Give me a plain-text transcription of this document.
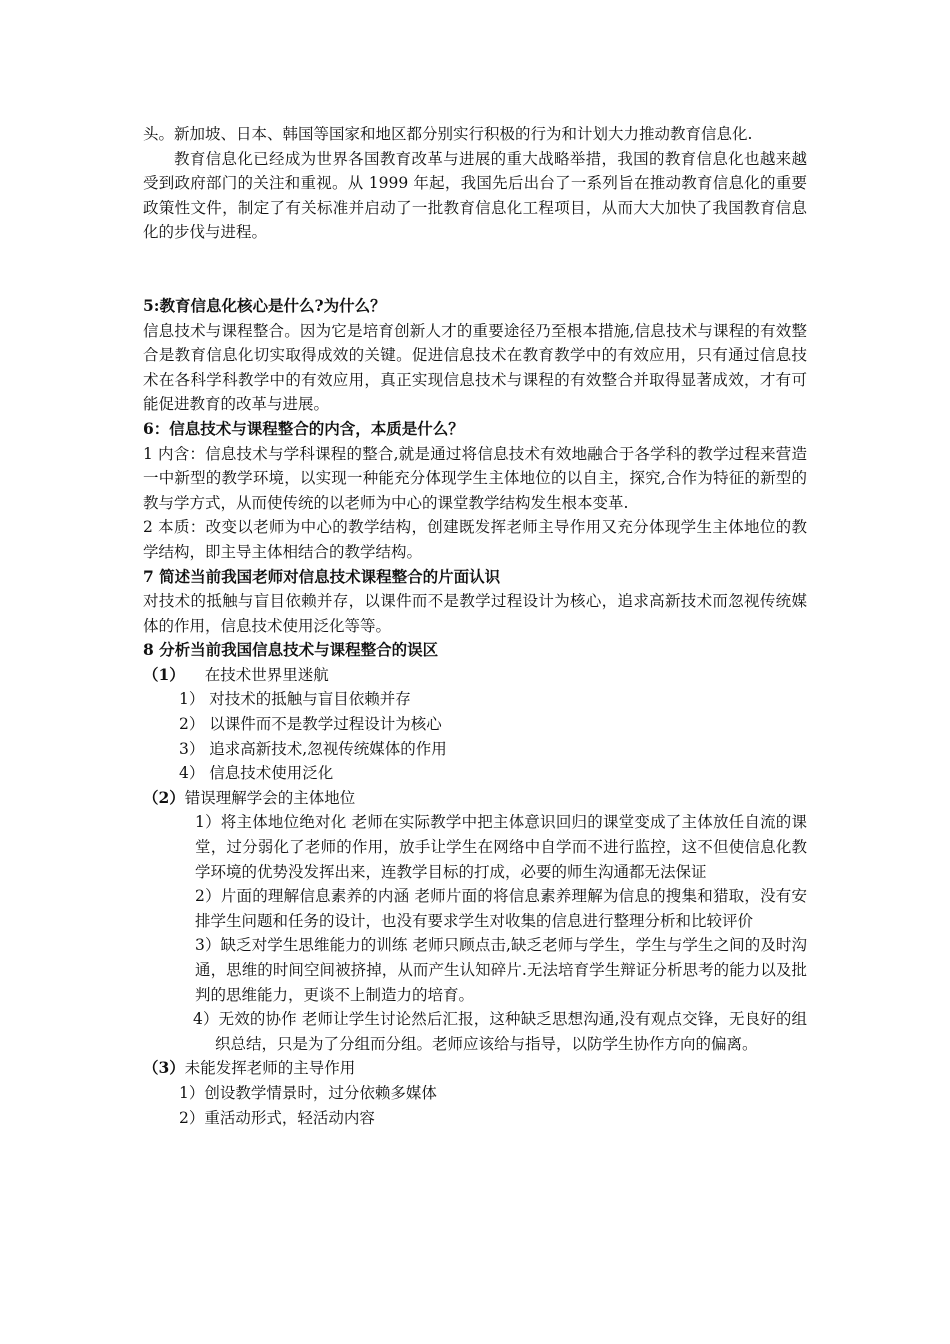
头。新加坡、日本、韩国等国家和地区都分别实行积极的行为和计划大力推动教育信息化.

教育信息化已经成为世界各国教育改革与进展的重大战略举措，我国的教育信息化也越来越受到政府部门的关注和重视。从 1999 年起，我国先后出台了一系列旨在推动教育信息化的重要政策性文件，制定了有关标准并启动了一批教育信息化工程项目，从而大大加快了我国教育信息化的步伐与进程。

5:教育信息化核心是什么?为什么？

信息技术与课程整合。因为它是培育创新人才的重要途径乃至根本措施,信息技术与课程的有效整合是教育信息化切实取得成效的关键。促进信息技术在教育教学中的有效应用，只有通过信息技术在各科学科教学中的有效应用，真正实现信息技术与课程的有效整合并取得显著成效，才有可能促进教育的改革与进展。

6：信息技术与课程整合的内含，本质是什么？

1 内含：信息技术与学科课程的整合,就是通过将信息技术有效地融合于各学科的教学过程来营造一中新型的教学环境，以实现一种能充分体现学生主体地位的以自主，探究,合作为特征的新型的教与学方式，从而使传统的以老师为中心的课堂教学结构发生根本变革.

2 本质：改变以老师为中心的教学结构，创建既发挥老师主导作用又充分体现学生主体地位的教学结构，即主导主体相结合的教学结构。

7 简述当前我国老师对信息技术课程整合的片面认识

对技术的抵触与盲目依赖并存，以课件而不是教学过程设计为核心，追求高新技术而忽视传统媒体的作用，信息技术使用泛化等等。

8 分析当前我国信息技术与课程整合的误区

（1） 在技术世界里迷航

1） 对技术的抵触与盲目依赖并存

2） 以课件而不是教学过程设计为核心

3） 追求高新技术,忽视传统媒体的作用

4） 信息技术使用泛化

（2）错误理解学会的主体地位

1）将主体地位绝对化 老师在实际教学中把主体意识回归的课堂变成了主体放任自流的课堂，过分弱化了老师的作用，放手让学生在网络中自学而不进行监控，这不但使信息化教学环境的优势没发挥出来，连教学目标的打成，必要的师生沟通都无法保证

2）片面的理解信息素养的内涵 老师片面的将信息素养理解为信息的搜集和猎取，没有安排学生问题和任务的设计，也没有要求学生对收集的信息进行整理分析和比较评价

3）缺乏对学生思维能力的训练 老师只顾点击,缺乏老师与学生，学生与学生之间的及时沟通，思维的时间空间被挤掉，从而产生认知碎片.无法培育学生辩证分析思考的能力以及批判的思维能力，更谈不上制造力的培育。

4）无效的协作 老师让学生讨论然后汇报，这种缺乏思想沟通,没有观点交锋，无良好的组织总结，只是为了分组而分组。老师应该给与指导，以防学生协作方向的偏离。

（3）未能发挥老师的主导作用

1）创设教学情景时，过分依赖多媒体

2）重活动形式，轻活动内容
